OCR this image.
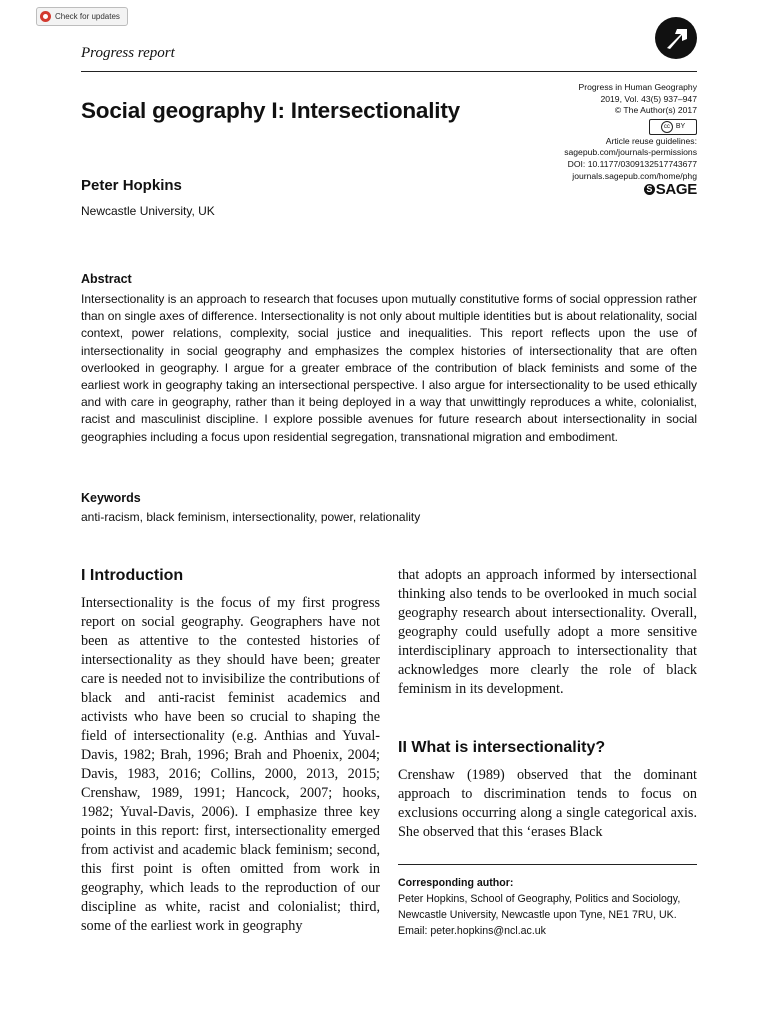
Check for updates
Progress report
Social geography I: Intersectionality
Progress in Human Geography
2019, Vol. 43(5) 937–947
© The Author(s) 2017
cc BY
Article reuse guidelines:
sagepub.com/journals-permissions
DOI: 10.1177/0309132517743677
journals.sagepub.com/home/phg
S SAGE
Peter Hopkins
Newcastle University, UK
Abstract

Intersectionality is an approach to research that focuses upon mutually constitutive forms of social oppression rather than on single axes of difference. Intersectionality is not only about multiple identities but is about relationality, social context, power relations, complexity, social justice and inequalities. This report reflects upon the use of intersectionality in social geography and emphasizes the complex histories of intersectionality that are often overlooked in geography. I argue for a greater embrace of the contribution of black feminists and some of the earliest work in geography taking an intersectional perspective. I also argue for intersectionality to be used ethically and with care in geography, rather than it being deployed in a way that unwittingly reproduces a white, colonialist, racist and masculinist discipline. I explore possible avenues for future research about intersectionality in social geographies including a focus upon residential segregation, transnational migration and embodiment.

Keywords
anti-racism, black feminism, intersectionality, power, relationality
I Introduction

Intersectionality is the focus of my first progress report on social geography. Geographers have not been as attentive to the contested histories of intersectionality as they should have been; greater care is needed not to invisibilize the contributions of black and anti-racist feminist academics and activists who have been so crucial to shaping the field of intersectionality (e.g. Anthias and Yuval-Davis, 1982; Brah, 1996; Brah and Phoenix, 2004; Davis, 1983, 2016; Collins, 2000, 2013, 2015; Crenshaw, 1989, 1991; Hancock, 2007; hooks, 1982; Yuval-Davis, 2006). I emphasize three key points in this report: first, intersectionality emerged from activist and academic black feminism; second, this first point is often omitted from work in geography, which leads to the reproduction of our discipline as white, racist and colonialist; third, some of the earliest work in geography

that adopts an approach informed by intersectional thinking also tends to be overlooked in much social geography research about intersectionality. Overall, geography could usefully adopt a more sensitive interdisciplinary approach to intersectionality that acknowledges more clearly the role of black feminism in its development.

II What is intersectionality?

Crenshaw (1989) observed that the dominant approach to discrimination tends to focus on exclusions occurring along a single categorical axis. She observed that this ‘erases Black

Corresponding author:
Peter Hopkins, School of Geography, Politics and Sociology, Newcastle University, Newcastle upon Tyne, NE1 7RU, UK.
Email: peter.hopkins@ncl.ac.uk
